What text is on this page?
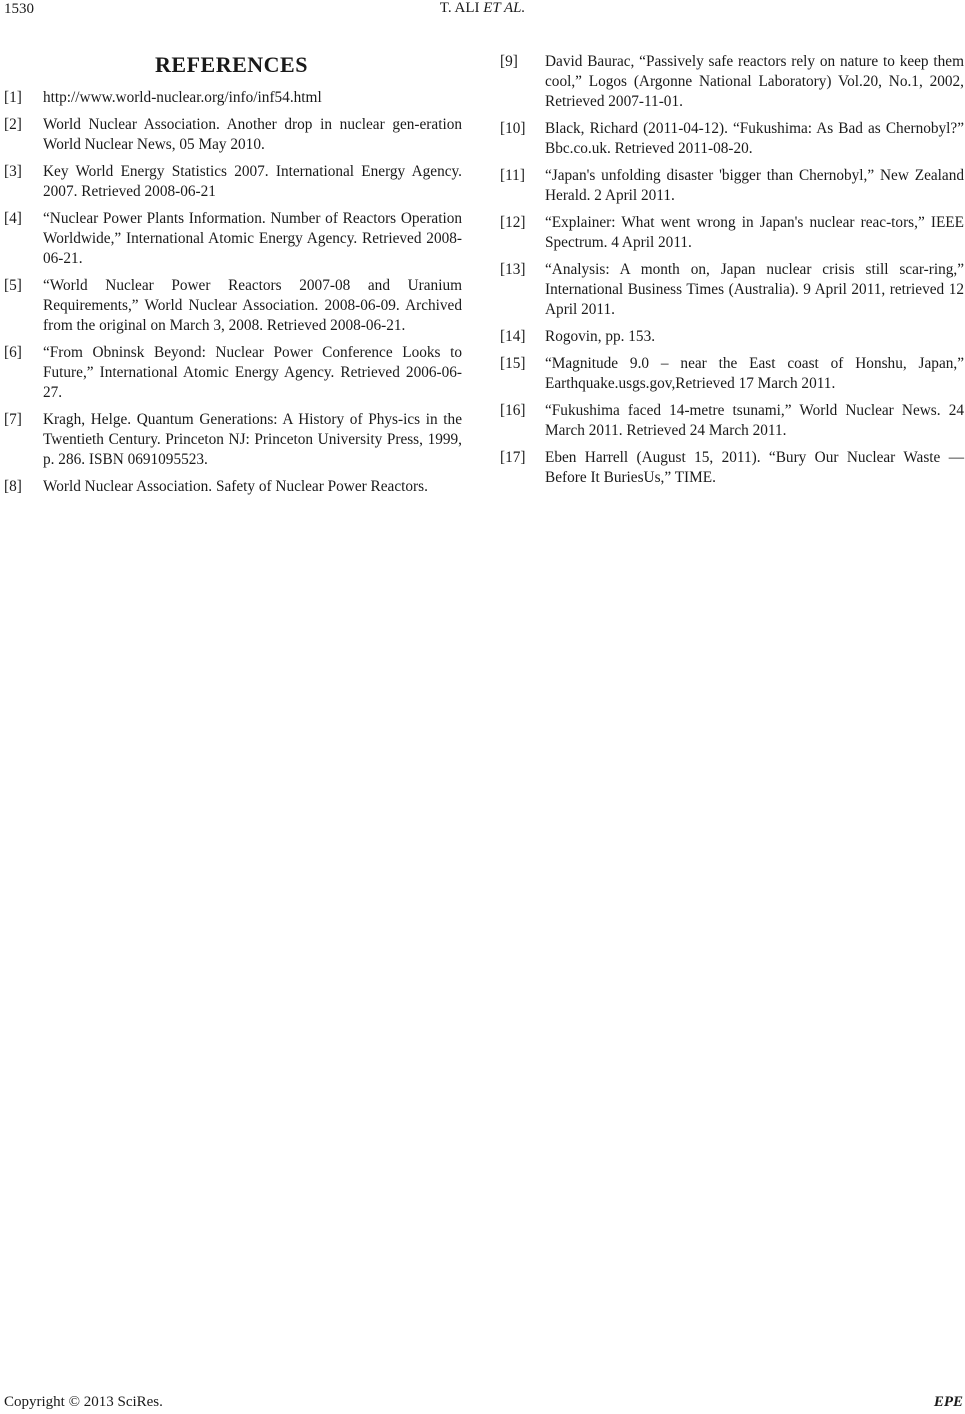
1530	T. ALI ET AL.
REFERENCES
[1]	http://www.world-nuclear.org/info/inf54.html
[2]	World Nuclear Association. Another drop in nuclear gen-eration World Nuclear News, 05 May 2010.
[3]	Key World Energy Statistics 2007. International Energy Agency. 2007. Retrieved 2008-06-21
[4]	“Nuclear Power Plants Information. Number of Reactors Operation Worldwide,” International Atomic Energy Agency. Retrieved 2008-06-21.
[5]	“World Nuclear Power Reactors 2007-08 and Uranium Requirements,” World Nuclear Association. 2008-06-09. Archived from the original on March 3, 2008. Retrieved 2008-06-21.
[6]	“From Obninsk Beyond: Nuclear Power Conference Looks to Future,” International Atomic Energy Agency. Retrieved 2006-06-27.
[7]	Kragh, Helge. Quantum Generations: A History of Phys-ics in the Twentieth Century. Princeton NJ: Princeton University Press, 1999, p. 286. ISBN 0691095523.
[8]	World Nuclear Association. Safety of Nuclear Power Reactors.
[9]	David Baurac, “Passively safe reactors rely on nature to keep them cool,” Logos (Argonne National Laboratory) Vol.20, No.1, 2002, Retrieved 2007-11-01.
[10]	Black, Richard (2011-04-12). “Fukushima: As Bad as Chernobyl?” Bbc.co.uk. Retrieved 2011-08-20.
[11]	“Japan's unfolding disaster 'bigger than Chernobyl,” New Zealand Herald. 2 April 2011.
[12]	“Explainer: What went wrong in Japan's nuclear reac-tors,” IEEE Spectrum. 4 April 2011.
[13]	“Analysis: A month on, Japan nuclear crisis still scar-ring,” International Business Times (Australia). 9 April 2011, retrieved 12 April 2011.
[14]	Rogovin, pp. 153.
[15]	“Magnitude 9.0 – near the East coast of Honshu, Japan,” Earthquake.usgs.gov,Retrieved 17 March 2011.
[16]	“Fukushima faced 14-metre tsunami,” World Nuclear News. 24 March 2011. Retrieved 24 March 2011.
[17]	Eben Harrell (August 15, 2011). “Bury Our Nuclear Waste — Before It BuriesUs,” TIME.
Copyright © 2013 SciRes.	EPE
